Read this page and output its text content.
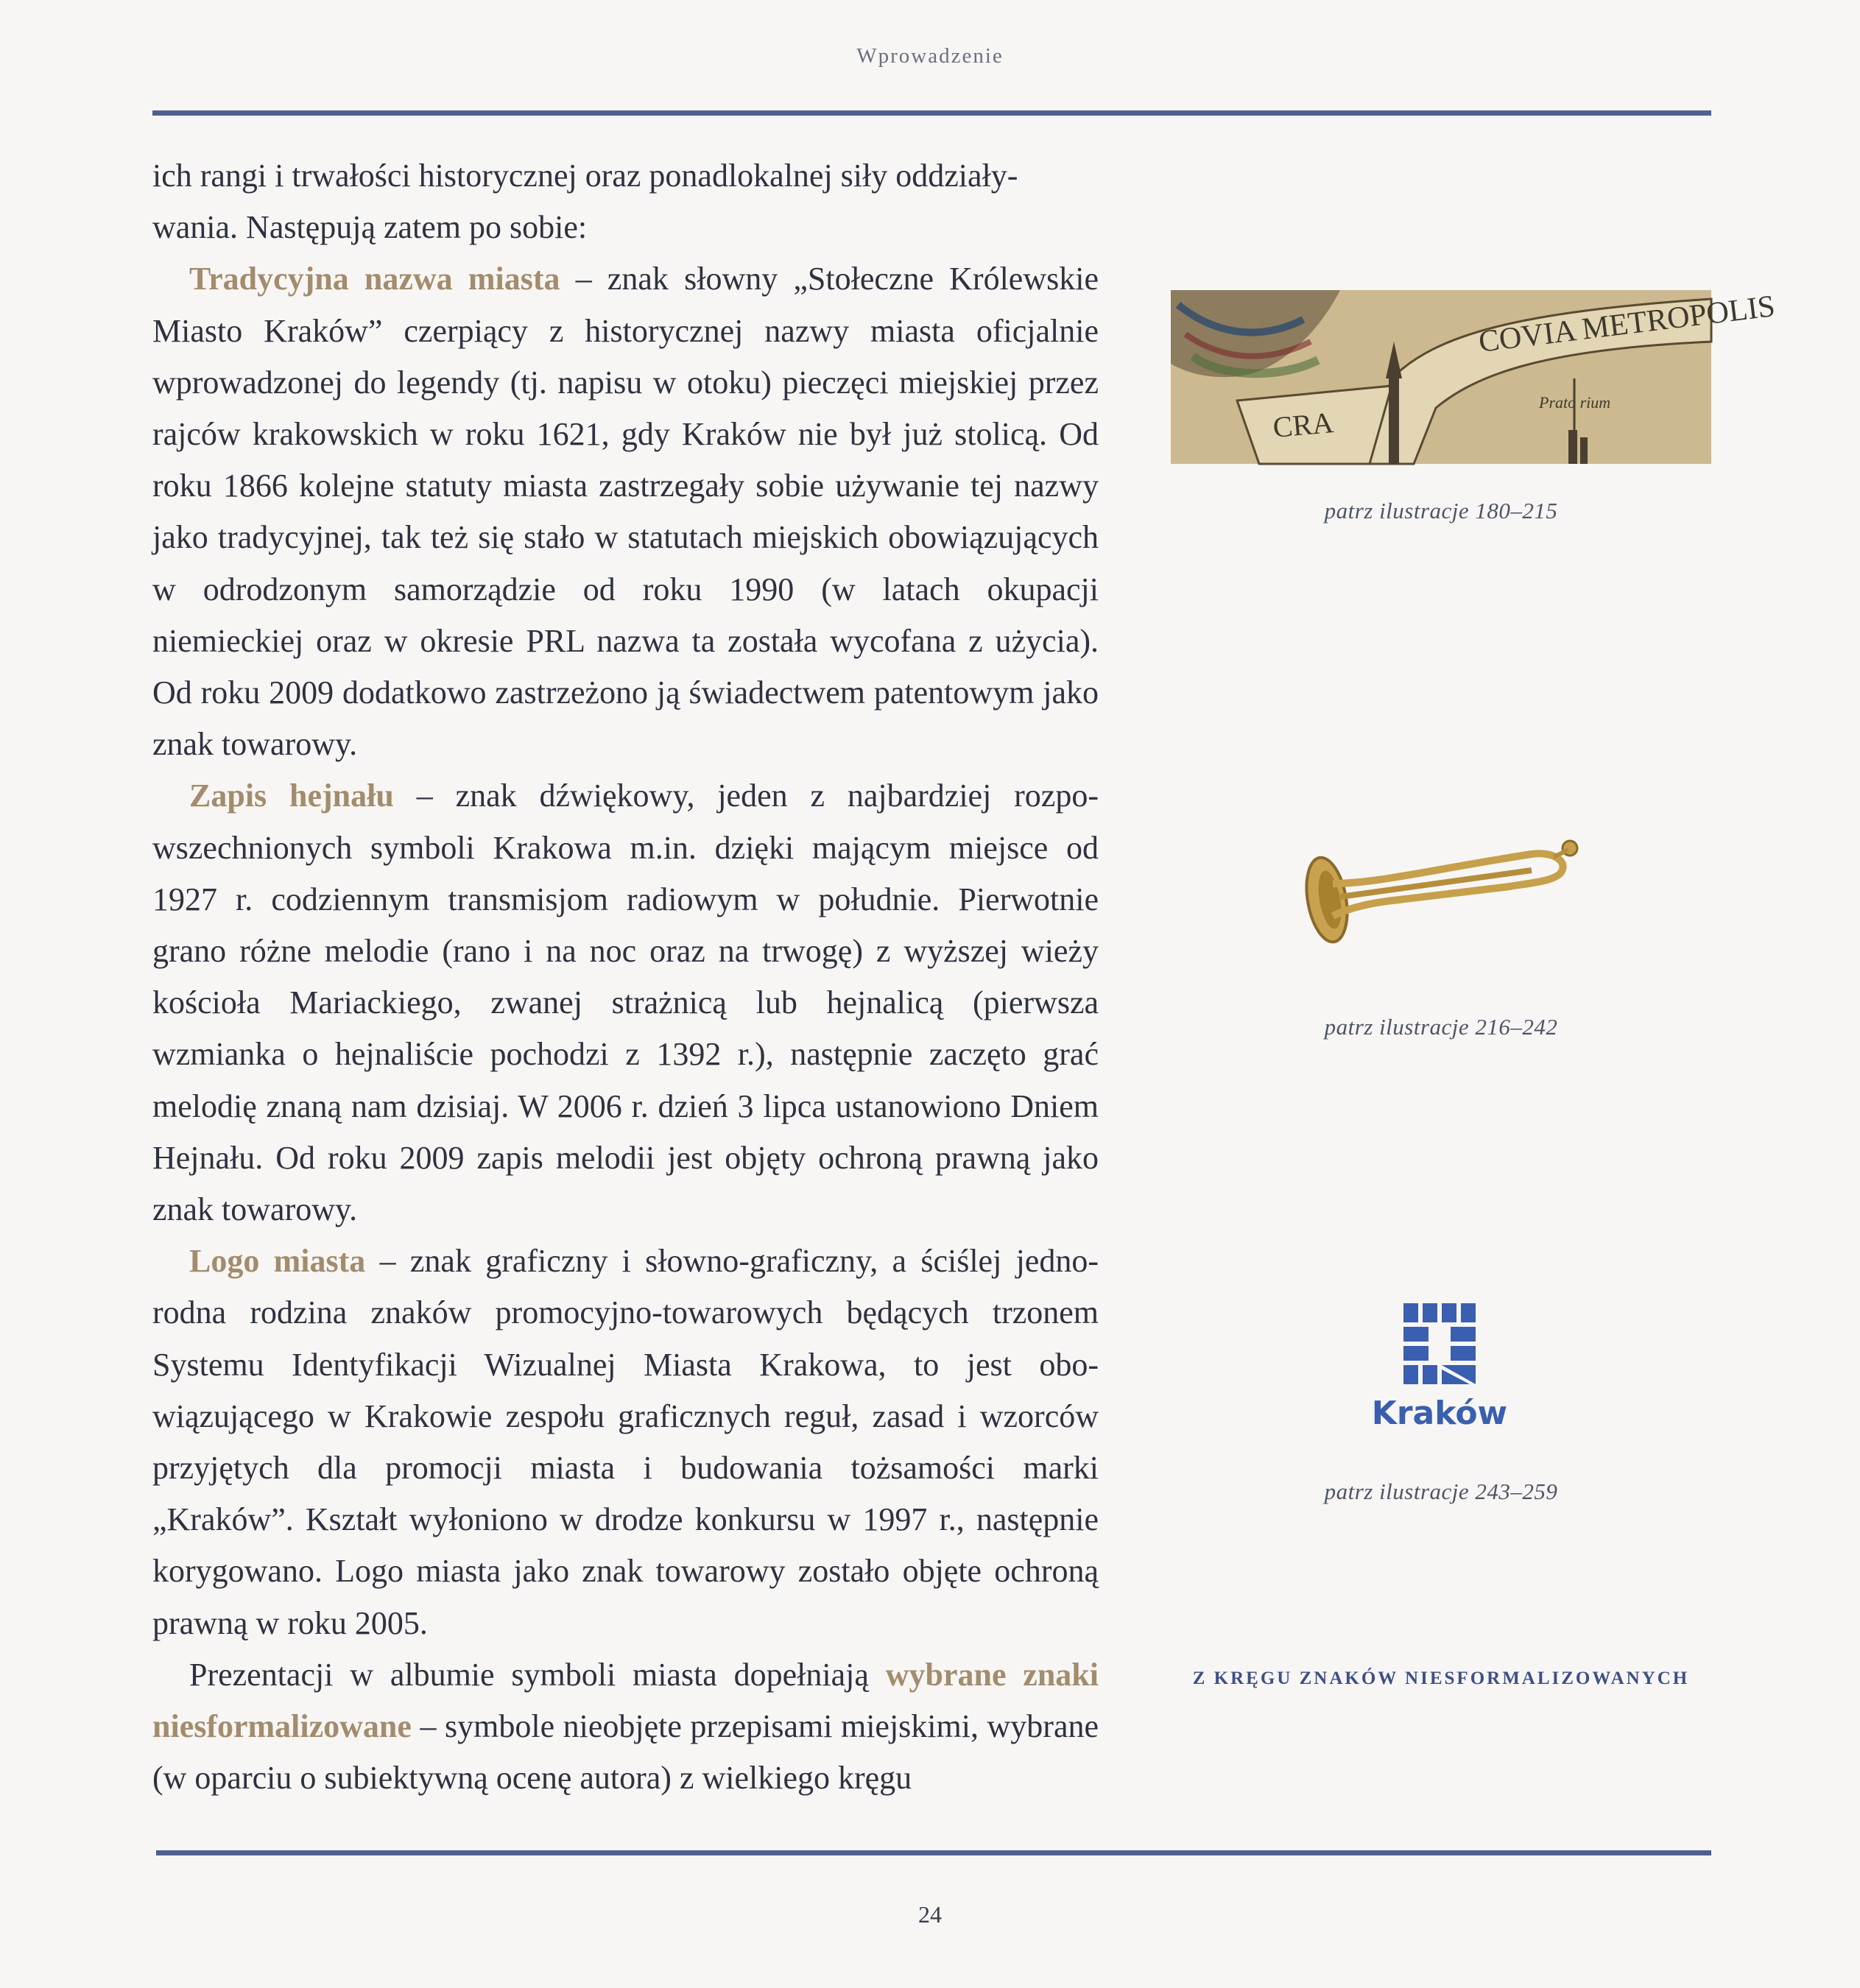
Wprowadzenie

ich rangi i trwałości historycznej oraz ponadlokalnej siły oddziały-
wania. Następują zatem po sobie:

Tradycyjna nazwa miasta – znak słowny „Stołeczne Królewskie Miasto Kraków” czerpiący z historycznej nazwy miasta oficjalnie wprowadzonej do legendy (tj. napisu w otoku) pieczęci miejskiej przez rajców krakowskich w roku 1621, gdy Kraków nie był już stolicą. Od roku 1866 kolejne statuty miasta zastrzegały sobie używanie tej nazwy jako tradycyjnej, tak też się stało w statutach miejskich obowiązujących w odrodzonym samorządzie od roku 1990 (w latach okupacji niemieckiej oraz w okresie PRL nazwa ta została wycofana z użycia). Od roku 2009 dodatkowo zastrzeżono ją świadectwem patentowym jako znak towarowy.

Zapis hejnału – znak dźwiękowy, jeden z najbardziej rozpowszechnionych symboli Krakowa m.in. dzięki mającym miejsce od 1927 r. codziennym transmisjom radiowym w południe. Pierwotnie grano różne melodie (rano i na noc oraz na trwogę) z wyższej wieży kościoła Mariackiego, zwanej strażnicą lub hejnalicą (pierwsza wzmianka o hejnaliście pochodzi z 1392 r.), następnie zaczęto grać melodię znaną nam dzisiaj. W 2006 r. dzień 3 lipca ustanowiono Dniem Hejnału. Od roku 2009 zapis melodii jest objęty ochroną prawną jako znak towarowy.

Logo miasta – znak graficzny i słowno-graficzny, a ściślej jednorodna rodzina znaków promocyjno-towarowych będących trzonem Systemu Identyfikacji Wizualnej Miasta Krakowa, to jest obowiązującego w Krakowie zespołu graficznych reguł, zasad i wzorców przyjętych dla promocji miasta i budowania tożsamości marki „Kraków”. Kształt wyłoniono w drodze konkursu w 1997 r., następnie korygowano. Logo miasta jako znak towarowy zostało objęte ochroną prawną w roku 2005.

Prezentacji w albumie symboli miasta dopełniają wybrane znaki niesformalizowane – symbole nieobjęte przepisami miejskimi, wybrane (w oparciu o subiektywną ocenę autora) z wielkiego kręgu

COVIA METROPOLIS
CRA
Prato rium
patrz ilustracje 180–215
patrz ilustracje 216–242
Kraków
patrz ilustracje 243–259
Z KRĘGU ZNAKÓW NIESFORMALIZOWANYCH
24
